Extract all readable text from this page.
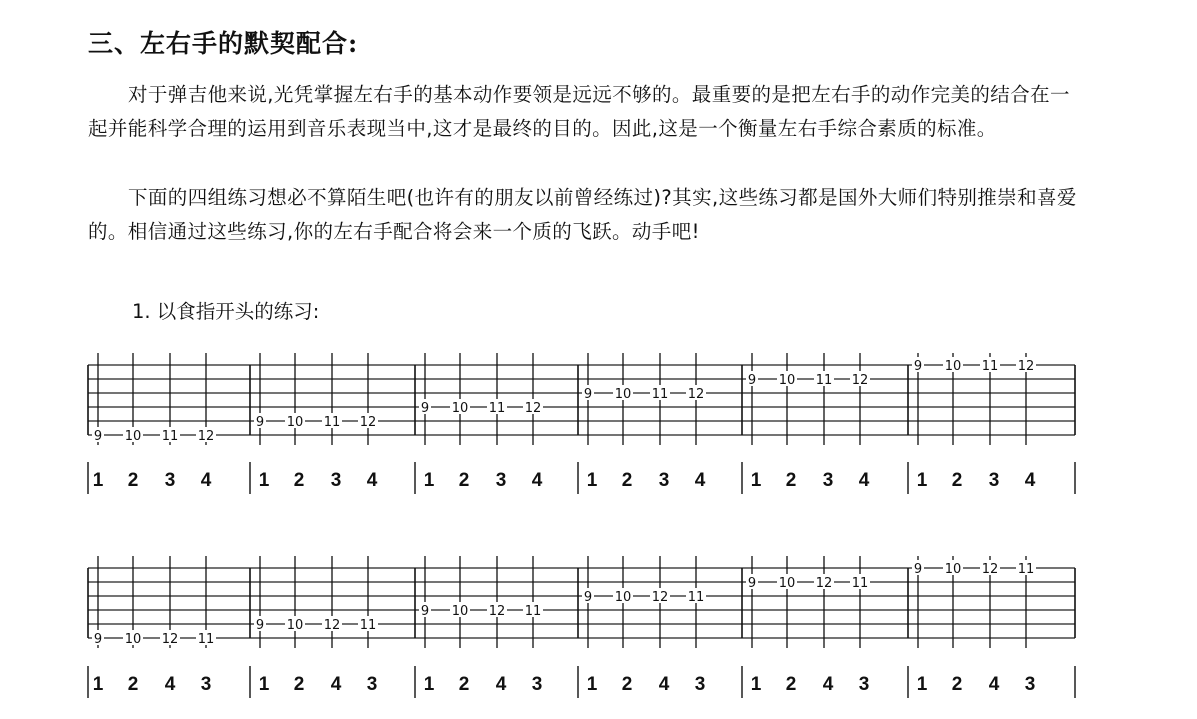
三、左右手的默契配合:
对于弹吉他来说,光凭掌握左右手的基本动作要领是远远不够的。最重要的是把左右手的动作完美的结合在一起并能科学合理的运用到音乐表现当中,这才是最终的目的。因此,这是一个衡量左右手综合素质的标准。
下面的四组练习想必不算陌生吧(也许有的朋友以前曾经练过)?其实,这些练习都是国外大师们特别推崇和喜爱的。相信通过这些练习,你的左右手配合将会来一个质的飞跃。动手吧!
1. 以食指开头的练习:
9 10 11 12
1 2 3 4
9 10 11 12
1 2 3 4
9 10 11 12
1 2 3 4
9 10 11 12
1 2 3 4
9 10 11 12
1 2 3 4
9 10 11 12
1 2 3 4
9 10 12 11
1 2 4 3
9 10 12 11
1 2 4 3
9 10 12 11
1 2 4 3
9 10 12 11
1 2 4 3
9 10 12 11
1 2 4 3
9 10 12 11
1 2 4 3
